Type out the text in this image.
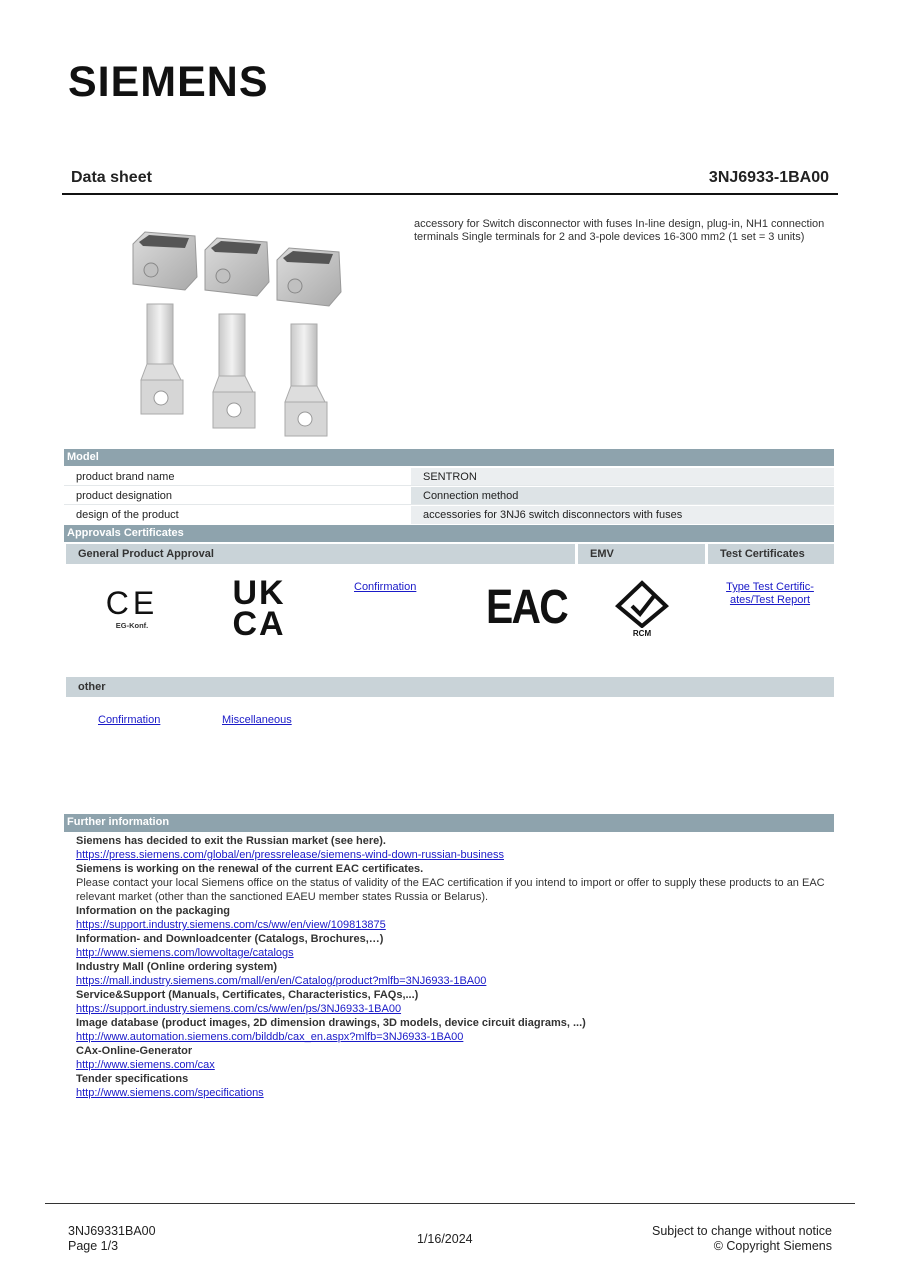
SIEMENS
Data sheet	3NJ6933-1BA00
accessory for Switch disconnector with fuses In-line design, plug-in, NH1 connection terminals Single terminals for 2 and 3-pole devices 16-300 mm2 (1 set = 3 units)
Model
product brand name	SENTRON
product designation	Connection method
design of the product	accessories for 3NJ6 switch disconnectors with fuses
Approvals Certificates
General Product Approval	EMV	Test Certificates
CE
EG-Konf.
UK
CA
Confirmation EAC	RCM
Type Test Certific-
ates/Test Report
other
Confirmation	Miscellaneous
Further information
Siemens has decided to exit the Russian market (see here).
https://press.siemens.com/global/en/pressrelease/siemens-wind-down-russian-business
Siemens is working on the renewal of the current EAC certificates.
Please contact your local Siemens office on the status of validity of the EAC certification if you intend to import or offer to supply these products to an EAC relevant market (other than the sanctioned EAEU member states Russia or Belarus).
Information on the packaging
https://support.industry.siemens.com/cs/ww/en/view/109813875
Information- and Downloadcenter (Catalogs, Brochures,…)
http://www.siemens.com/lowvoltage/catalogs
Industry Mall (Online ordering system)
https://mall.industry.siemens.com/mall/en/en/Catalog/product?mlfb=3NJ6933-1BA00
Service&Support (Manuals, Certificates, Characteristics, FAQs,...)
https://support.industry.siemens.com/cs/ww/en/ps/3NJ6933-1BA00
Image database (product images, 2D dimension drawings, 3D models, device circuit diagrams, ...)
http://www.automation.siemens.com/bilddb/cax_en.aspx?mlfb=3NJ6933-1BA00
CAx-Online-Generator
http://www.siemens.com/cax
Tender specifications
http://www.siemens.com/specifications
3NJ69331BA00
Page 1/3	1/16/2024
Subject to change without notice
© Copyright Siemens
